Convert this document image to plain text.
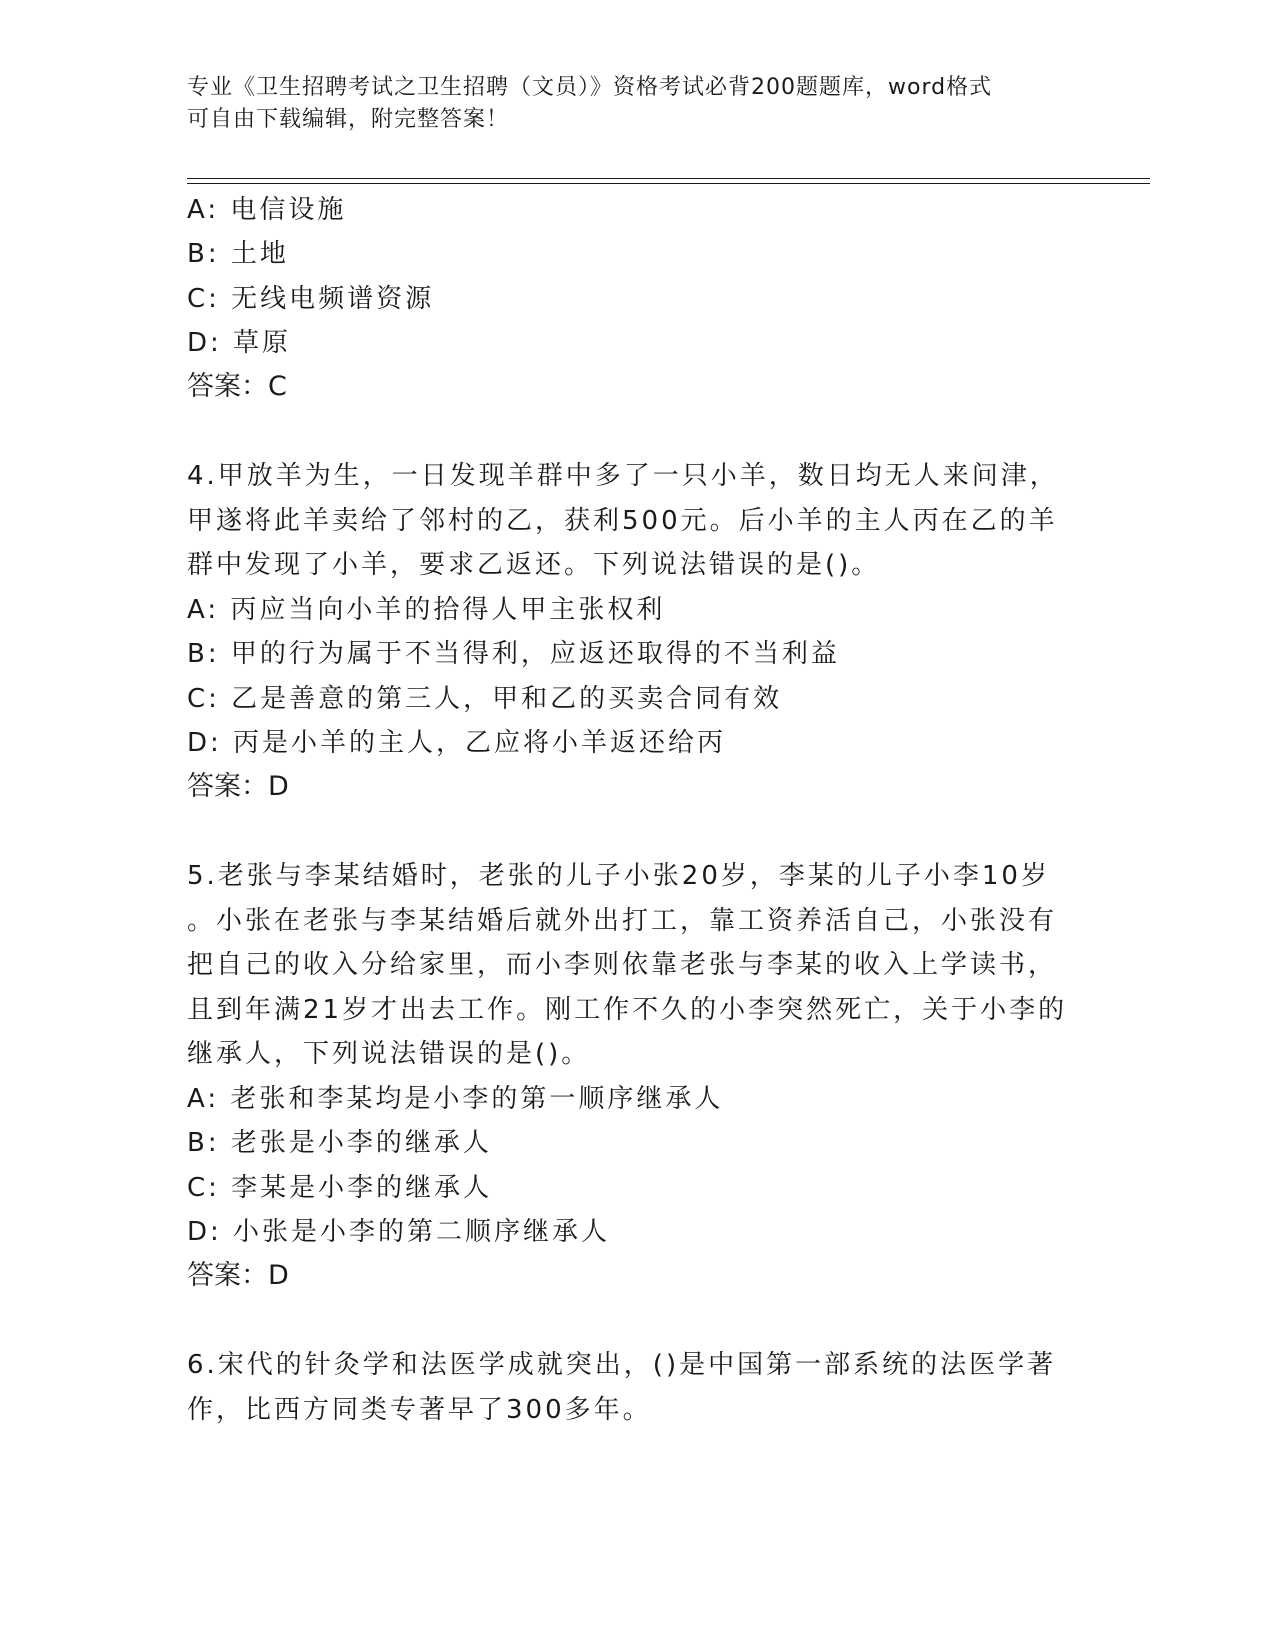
专业《卫生招聘考试之卫生招聘（文员）》资格考试必背200题题库，word格式
可自由下载编辑，附完整答案！
A: 电信设施
B: 土地
C: 无线电频谱资源
D: 草原
答案：C
4.甲放羊为生，一日发现羊群中多了一只小羊，数日均无人来问津，
甲遂将此羊卖给了邻村的乙，获利500元。后小羊的主人丙在乙的羊
群中发现了小羊，要求乙返还。下列说法错误的是()。
A: 丙应当向小羊的拾得人甲主张权利
B: 甲的行为属于不当得利，应返还取得的不当利益
C: 乙是善意的第三人，甲和乙的买卖合同有效
D: 丙是小羊的主人，乙应将小羊返还给丙
答案：D
5.老张与李某结婚时，老张的儿子小张20岁，李某的儿子小李10岁
。小张在老张与李某结婚后就外出打工，靠工资养活自己，小张没有
把自己的收入分给家里，而小李则依靠老张与李某的收入上学读书，
且到年满21岁才出去工作。刚工作不久的小李突然死亡，关于小李的
继承人，下列说法错误的是()。
A: 老张和李某均是小李的第一顺序继承人
B: 老张是小李的继承人
C: 李某是小李的继承人
D: 小张是小李的第二顺序继承人
答案：D
6.宋代的针灸学和法医学成就突出，()是中国第一部系统的法医学著
作，比西方同类专著早了300多年。
